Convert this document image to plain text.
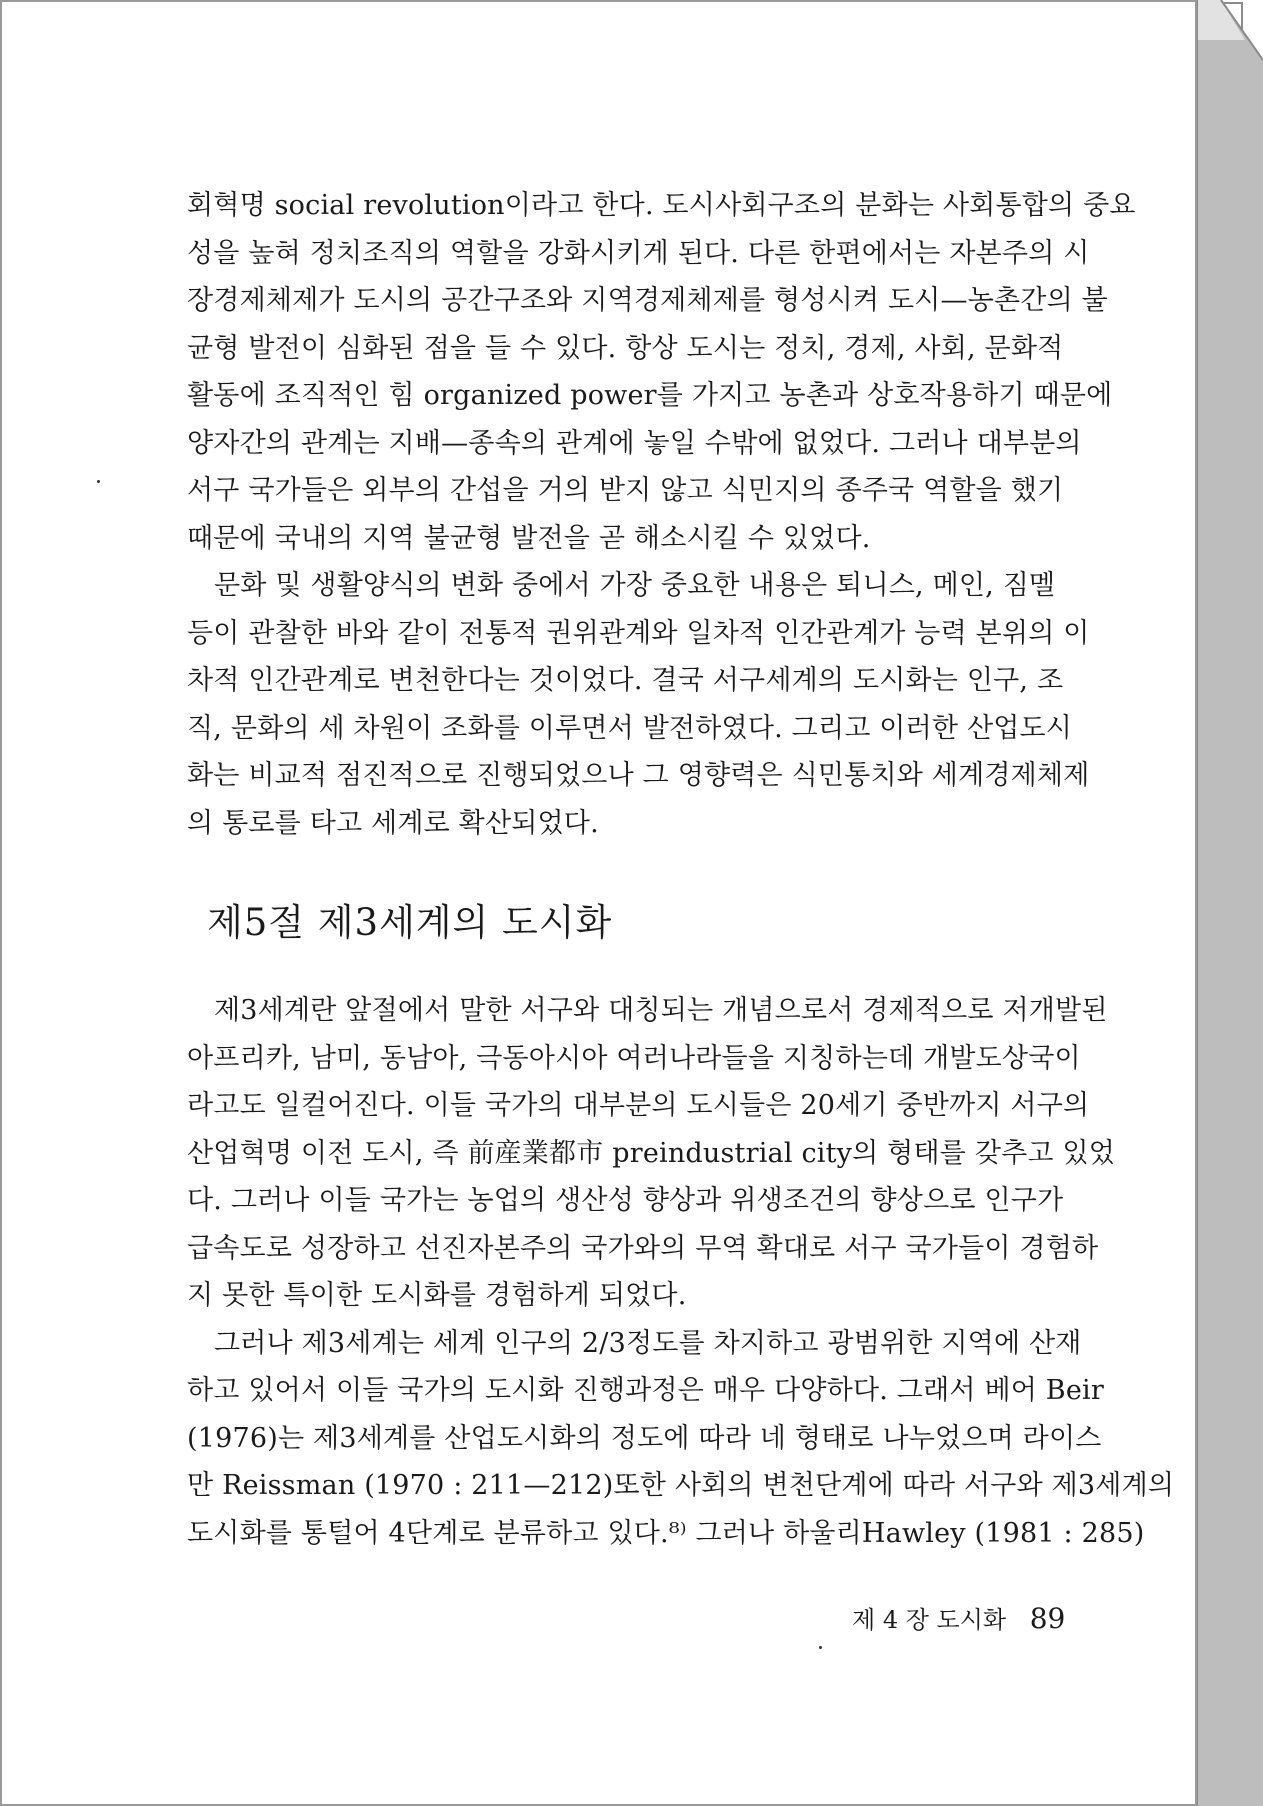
회혁명 social revolution이라고 한다. 도시사회구조의 분화는 사회통합의 중요
성을 높혀 정치조직의 역할을 강화시키게 된다. 다른 한편에서는 자본주의 시
장경제체제가 도시의 공간구조와 지역경제체제를 형성시켜 도시—농촌간의 불
균형 발전이 심화된 점을 들 수 있다. 항상 도시는 정치, 경제, 사회, 문화적
활동에 조직적인 힘 organized power를 가지고 농촌과 상호작용하기 때문에
양자간의 관계는 지배—종속의 관계에 놓일 수밖에 없었다. 그러나 대부분의
서구 국가들은 외부의 간섭을 거의 받지 않고 식민지의 종주국 역할을 했기
때문에 국내의 지역 불균형 발전을 곧 해소시킬 수 있었다.
문화 및 생활양식의 변화 중에서 가장 중요한 내용은 퇴니스, 메인, 짐멜
등이 관찰한 바와 같이 전통적 권위관계와 일차적 인간관계가 능력 본위의 이
차적 인간관계로 변천한다는 것이었다. 결국 서구세계의 도시화는 인구, 조
직, 문화의 세 차원이 조화를 이루면서 발전하였다. 그리고 이러한 산업도시
화는 비교적 점진적으로 진행되었으나 그 영향력은 식민통치와 세계경제체제
의 통로를 타고 세계로 확산되었다.
제5절 제3세계의 도시화
제3세계란 앞절에서 말한 서구와 대칭되는 개념으로서 경제적으로 저개발된
아프리카, 남미, 동남아, 극동아시아 여러나라들을 지칭하는데 개발도상국이
라고도 일컬어진다. 이들 국가의 대부분의 도시들은 20세기 중반까지 서구의
산업혁명 이전 도시, 즉 前産業都市 preindustrial city의 형태를 갖추고 있었
다. 그러나 이들 국가는 농업의 생산성 향상과 위생조건의 향상으로 인구가
급속도로 성장하고 선진자본주의 국가와의 무역 확대로 서구 국가들이 경험하
지 못한 특이한 도시화를 경험하게 되었다.
그러나 제3세계는 세계 인구의 2/3정도를 차지하고 광범위한 지역에 산재
하고 있어서 이들 국가의 도시화 진행과정은 매우 다양하다. 그래서 베어 Beir
(1976)는 제3세계를 산업도시화의 정도에 따라 네 형태로 나누었으며 라이스
만 Reissman (1970 : 211—212)또한 사회의 변천단계에 따라 서구와 제3세계의
도시화를 통털어 4단계로 분류하고 있다.⁸⁾ 그러나 하울리Hawley (1981 : 285)
제 4 장 도시화 89
